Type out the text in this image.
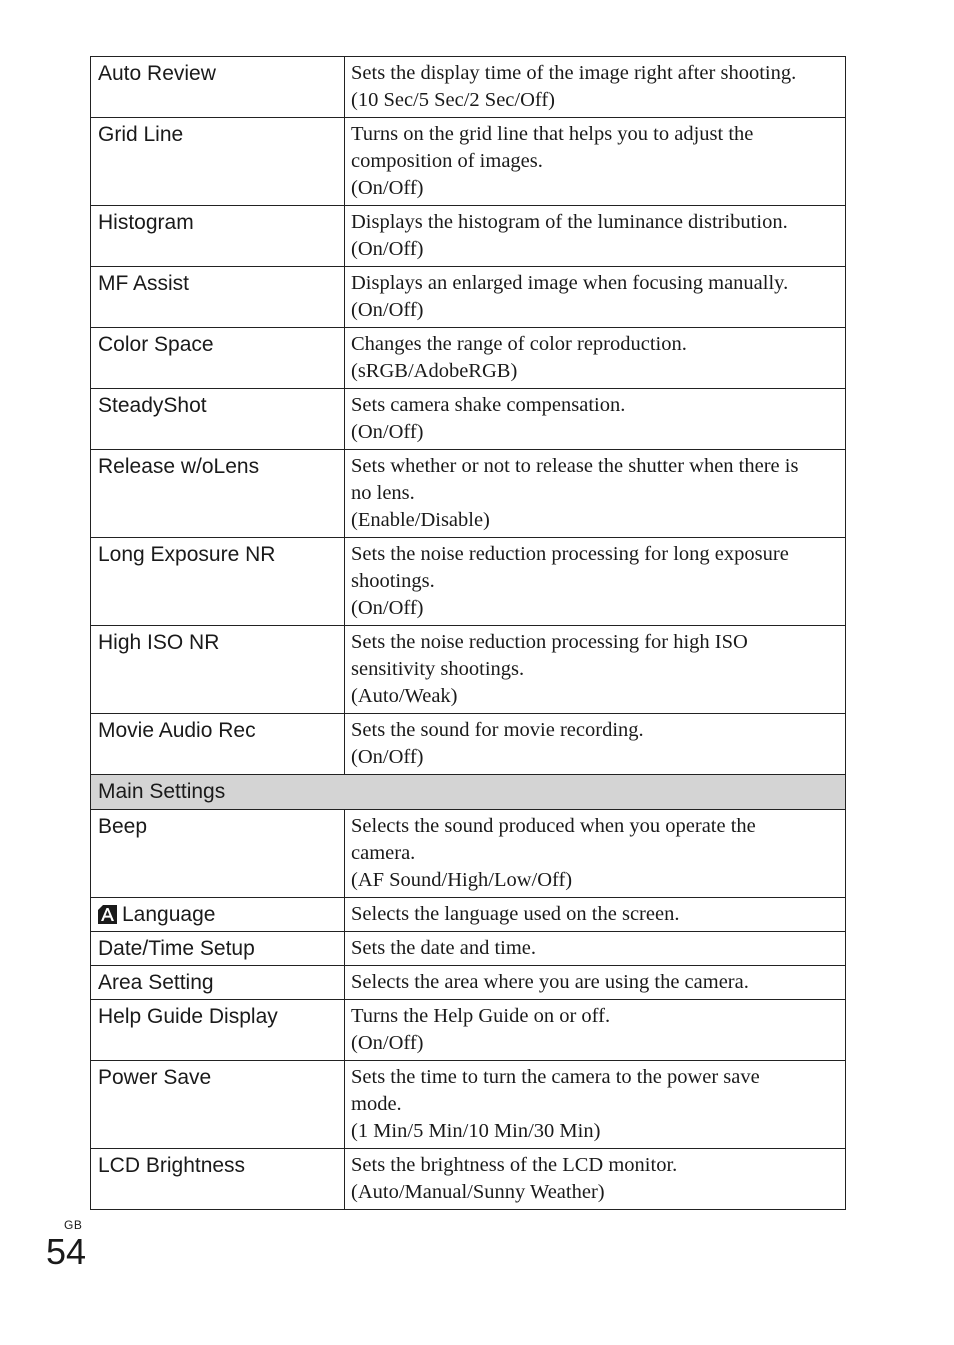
Auto Review	Sets the display time of the image right after shooting.
(10 Sec/5 Sec/2 Sec/Off)

Grid Line	Turns on the grid line that helps you to adjust the
composition of images.
(On/Off)

Histogram	Displays the histogram of the luminance distribution.
(On/Off)

MF Assist	Displays an enlarged image when focusing manually.
(On/Off)

Color Space	Changes the range of color reproduction.
(sRGB/AdobeRGB)

SteadyShot	Sets camera shake compensation.
(On/Off)

Release w/oLens	Sets whether or not to release the shutter when there is
no lens.
(Enable/Disable)

Long Exposure NR	Sets the noise reduction processing for long exposure
shootings.
(On/Off)

High ISO NR	Sets the noise reduction processing for high ISO
sensitivity shootings.
(Auto/Weak)

Movie Audio Rec	Sets the sound for movie recording.
(On/Off)

Main Settings	
Beep	Selects the sound produced when you operate the
camera.
(AF Sound/High/Low/Off)

Language	Selects the language used on the screen.

Date/Time Setup	Sets the date and time.

Area Setting	Selects the area where you are using the camera.

Help Guide Display	Turns the Help Guide on or off.
(On/Off)

Power Save	Sets the time to turn the camera to the power save
mode.
(1 Min/5 Min/10 Min/30 Min)

LCD Brightness	Sets the brightness of the LCD monitor.
(Auto/Manual/Sunny Weather)
GB
54
